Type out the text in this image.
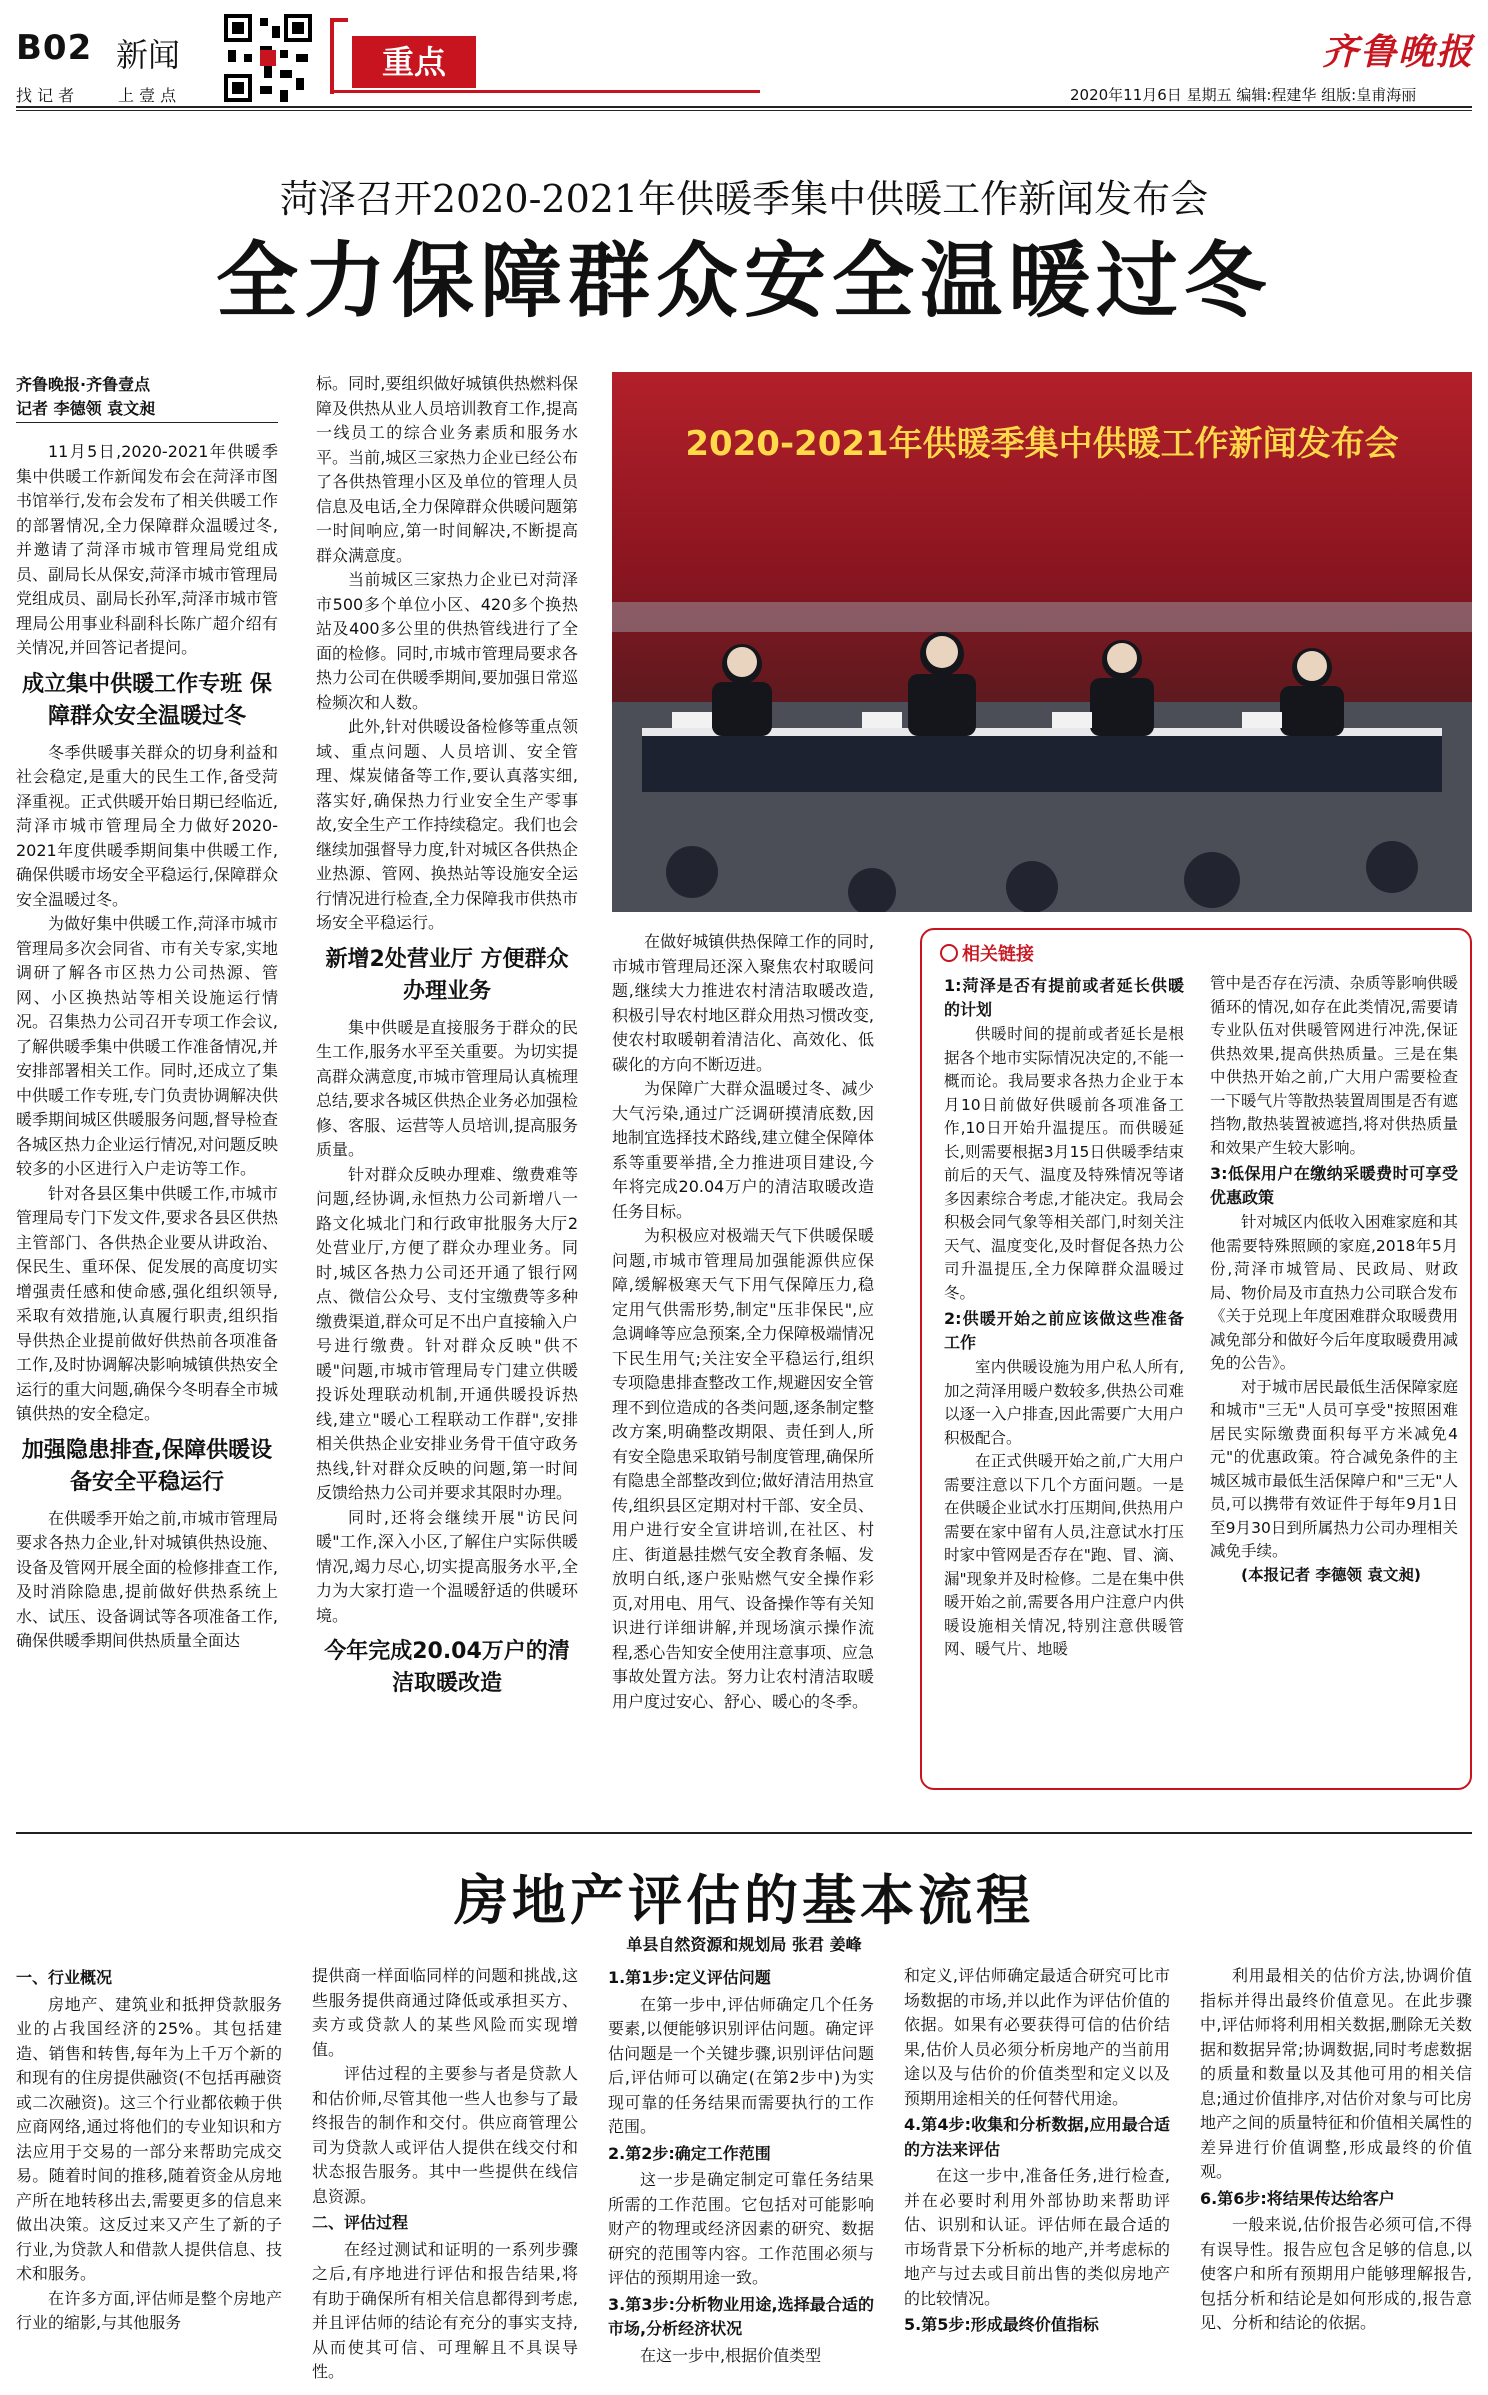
B02 新闻
找 记 者	上 壹 点
重点	齐鲁晚报
2020年11月6日 星期五 编辑:程建华 组版:皇甫海丽
菏泽召开2020-2021年供暖季集中供暖工作新闻发布会
全力保障群众安全温暖过冬
齐鲁晚报·齐鲁壹点
记者 李德领 袁文昶

11月5日,2020-2021年供暖季集中供暖工作新闻发布会在菏泽市图书馆举行,发布会发布了相关供暖工作的部署情况,全力保障群众温暖过冬,并邀请了菏泽市城市管理局党组成员、副局长从保安,菏泽市城市管理局党组成员、副局长孙军,菏泽市城市管理局公用事业科副科长陈广超介绍有关情况,并回答记者提问。

成立集中供暖工作专班 保障群众安全温暖过冬

冬季供暖事关群众的切身利益和社会稳定,是重大的民生工作,备受菏泽重视。正式供暖开始日期已经临近,菏泽市城市管理局全力做好2020-2021年度供暖季期间集中供暖工作,确保供暖市场安全平稳运行,保障群众安全温暖过冬。

为做好集中供暖工作,菏泽市城市管理局多次会同省、市有关专家,实地调研了解各市区热力公司热源、管网、小区换热站等相关设施运行情况。召集热力公司召开专项工作会议,了解供暖季集中供暖工作准备情况,并安排部署相关工作。同时,还成立了集中供暖工作专班,专门负责协调解决供暖季期间城区供暖服务问题,督导检查各城区热力企业运行情况,对问题反映较多的小区进行入户走访等工作。

针对各县区集中供暖工作,市城市管理局专门下发文件,要求各县区供热主管部门、各供热企业要从讲政治、保民生、重环保、促发展的高度切实增强责任感和使命感,强化组织领导,采取有效措施,认真履行职责,组织指导供热企业提前做好供热前各项准备工作,及时协调解决影响城镇供热安全运行的重大问题,确保今冬明春全市城镇供热的安全稳定。

加强隐患排查,保障供暖设备安全平稳运行

在供暖季开始之前,市城市管理局要求各热力企业,针对城镇供热设施、设备及管网开展全面的检修排查工作,及时消除隐患,提前做好供热系统上水、试压、设备调试等各项准备工作,确保供暖季期间供热质量全面达

标。同时,要组织做好城镇供热燃料保障及供热从业人员培训教育工作,提高一线员工的综合业务素质和服务水平。当前,城区三家热力企业已经公布了各供热管理小区及单位的管理人员信息及电话,全力保障群众供暖问题第一时间响应,第一时间解决,不断提高群众满意度。

当前城区三家热力企业已对菏泽市500多个单位小区、420多个换热站及400多公里的供热管线进行了全面的检修。同时,市城市管理局要求各热力公司在供暖季期间,要加强日常巡检频次和人数。

此外,针对供暖设备检修等重点领域、重点问题、人员培训、安全管理、煤炭储备等工作,要认真落实细,落实好,确保热力行业安全生产零事故,安全生产工作持续稳定。我们也会继续加强督导力度,针对城区各供热企业热源、管网、换热站等设施安全运行情况进行检查,全力保障我市供热市场安全平稳运行。

新增2处营业厅 方便群众办理业务

集中供暖是直接服务于群众的民生工作,服务水平至关重要。为切实提高群众满意度,市城市管理局认真梳理总结,要求各城区供热企业务必加强检修、客服、运营等人员培训,提高服务质量。

针对群众反映办理难、缴费难等问题,经协调,永恒热力公司新增八一路文化城北门和行政审批服务大厅2处营业厅,方便了群众办理业务。同时,城区各热力公司还开通了银行网点、微信公众号、支付宝缴费等多种缴费渠道,群众可足不出户直接输入户号进行缴费。针对群众反映"供不暖"问题,市城市管理局专门建立供暖投诉处理联动机制,开通供暖投诉热线,建立"暖心工程联动工作群",安排相关供热企业安排业务骨干值守政务热线,针对群众反映的问题,第一时间反馈给热力公司并要求其限时办理。

同时,还将会继续开展"访民问暖"工作,深入小区,了解住户实际供暖情况,竭力尽心,切实提高服务水平,全力为大家打造一个温暖舒适的供暖环境。

今年完成20.04万户的清洁取暖改造
2020-2021年供暖季集中供暖工作新闻发布会

在做好城镇供热保障工作的同时,市城市管理局还深入聚焦农村取暖问题,继续大力推进农村清洁取暖改造,积极引导农村地区群众用热习惯改变,使农村取暖朝着清洁化、高效化、低碳化的方向不断迈进。

为保障广大群众温暖过冬、减少大气污染,通过广泛调研摸清底数,因地制宜选择技术路线,建立健全保障体系等重要举措,全力推进项目建设,今年将完成20.04万户的清洁取暖改造任务目标。

为积极应对极端天气下供暖保暖问题,市城市管理局加强能源供应保障,缓解极寒天气下用气保障压力,稳定用气供需形势,制定"压非保民",应急调峰等应急预案,全力保障极端情况下民生用气;关注安全平稳运行,组织专项隐患排查整改工作,规避因安全管理不到位造成的各类问题,逐条制定整改方案,明确整改期限、责任到人,所有安全隐患采取销号制度管理,确保所有隐患全部整改到位;做好清洁用热宣传,组织县区定期对村干部、安全员、用户进行安全宣讲培训,在社区、村庄、街道悬挂燃气安全教育条幅、发放明白纸,逐户张贴燃气安全操作彩页,对用电、用气、设备操作等有关知识进行详细讲解,并现场演示操作流程,悉心告知安全使用注意事项、应急事故处置方法。努力让农村清洁取暖用户度过安心、舒心、暖心的冬季。

相关链接
1:菏泽是否有提前或者延长供暖的计划

供暖时间的提前或者延长是根据各个地市实际情况决定的,不能一概而论。我局要求各热力企业于本月10日前做好供暖前各项准备工作,10日开始升温提压。而供暖延长,则需要根据3月15日供暖季结束前后的天气、温度及特殊情况等诸多因素综合考虑,才能决定。我局会积极会同气象等相关部门,时刻关注天气、温度变化,及时督促各热力公司升温提压,全力保障群众温暖过冬。

2:供暖开始之前应该做这些准备工作

室内供暖设施为用户私人所有,加之菏泽用暖户数较多,供热公司难以逐一入户排查,因此需要广大用户积极配合。

在正式供暖开始之前,广大用户需要注意以下几个方面问题。一是在供暖企业试水打压期间,供热用户需要在家中留有人员,注意试水打压时家中管网是否存在"跑、冒、滴、漏"现象并及时检修。二是在集中供暖开始之前,需要各用户注意户内供暖设施相关情况,特别注意供暖管网、暖气片、地暖

管中是否存在污渍、杂质等影响供暖循环的情况,如存在此类情况,需要请专业队伍对供暖管网进行冲洗,保证供热效果,提高供热质量。三是在集中供热开始之前,广大用户需要检查一下暖气片等散热装置周围是否有遮挡物,散热装置被遮挡,将对供热质量和效果产生较大影响。

3:低保用户在缴纳采暖费时可享受优惠政策

针对城区内低收入困难家庭和其他需要特殊照顾的家庭,2018年5月份,菏泽市城管局、民政局、财政局、物价局及市直热力公司联合发布《关于兑现上年度困难群众取暖费用减免部分和做好今后年度取暖费用减免的公告》。

对于城市居民最低生活保障家庭和城市"三无"人员可享受"按照困难居民实际缴费面积每平方米减免4元"的优惠政策。符合减免条件的主城区城市最低生活保障户和"三无"人员,可以携带有效证件于每年9月1日至9月30日到所属热力公司办理相关减免手续。

(本报记者 李德领 袁文昶)

房地产评估的基本流程
单县自然资源和规划局 张君 姜峰
一、行业概况

房地产、建筑业和抵押贷款服务业的占我国经济的25%。其包括建造、销售和转售,每年为上千万个新的和现有的住房提供融资(不包括再融资或二次融资)。这三个行业都依赖于供应商网络,通过将他们的专业知识和方法应用于交易的一部分来帮助完成交易。随着时间的推移,随着资金从房地产所在地转移出去,需要更多的信息来做出决策。这反过来又产生了新的子行业,为贷款人和借款人提供信息、技术和服务。

在许多方面,评估师是整个房地产行业的缩影,与其他服务

提供商一样面临同样的问题和挑战,这些服务提供商通过降低或承担买方、卖方或贷款人的某些风险而实现增值。

评估过程的主要参与者是贷款人和估价师,尽管其他一些人也参与了最终报告的制作和交付。供应商管理公司为贷款人或评估人提供在线交付和状态报告服务。其中一些提供在线信息资源。

二、评估过程

在经过测试和证明的一系列步骤之后,有序地进行评估和报告结果,将有助于确保所有相关信息都得到考虑,并且评估师的结论有充分的事实支持,从而使其可信、可理解且不具误导性。

1.第1步:定义评估问题

在第一步中,评估师确定几个任务要素,以便能够识别评估问题。确定评估问题是一个关键步骤,识别评估问题后,评估师可以确定(在第2步中)为实现可靠的任务结果而需要执行的工作范围。

2.第2步:确定工作范围

这一步是确定制定可靠任务结果所需的工作范围。它包括对可能影响财产的物理或经济因素的研究、数据研究的范围等内容。工作范围必须与评估的预期用途一致。

3.第3步:分析物业用途,选择最合适的市场,分析经济状况

在这一步中,根据价值类型

和定义,评估师确定最适合研究可比市场数据的市场,并以此作为评估价值的依据。如果有必要获得可信的估价结果,估价人员必须分析房地产的当前用途以及与估价的价值类型和定义以及预期用途相关的任何替代用途。

4.第4步:收集和分析数据,应用最合适的方法来评估

在这一步中,准备任务,进行检查,并在必要时利用外部协助来帮助评估、识别和认证。评估师在最合适的市场背景下分析标的地产,并考虑标的地产与过去或目前出售的类似房地产的比较情况。

5.第5步:形成最终价值指标

利用最相关的估价方法,协调价值指标并得出最终价值意见。在此步骤中,评估师将利用相关数据,删除无关数据和数据异常;协调数据,同时考虑数据的质量和数量以及其他可用的相关信息;通过价值排序,对估价对象与可比房地产之间的质量特征和价值相关属性的差异进行价值调整,形成最终的价值观。

6.第6步:将结果传达给客户

一般来说,估价报告必须可信,不得有误导性。报告应包含足够的信息,以使客户和所有预期用户能够理解报告,包括分析和结论是如何形成的,报告意见、分析和结论的依据。
